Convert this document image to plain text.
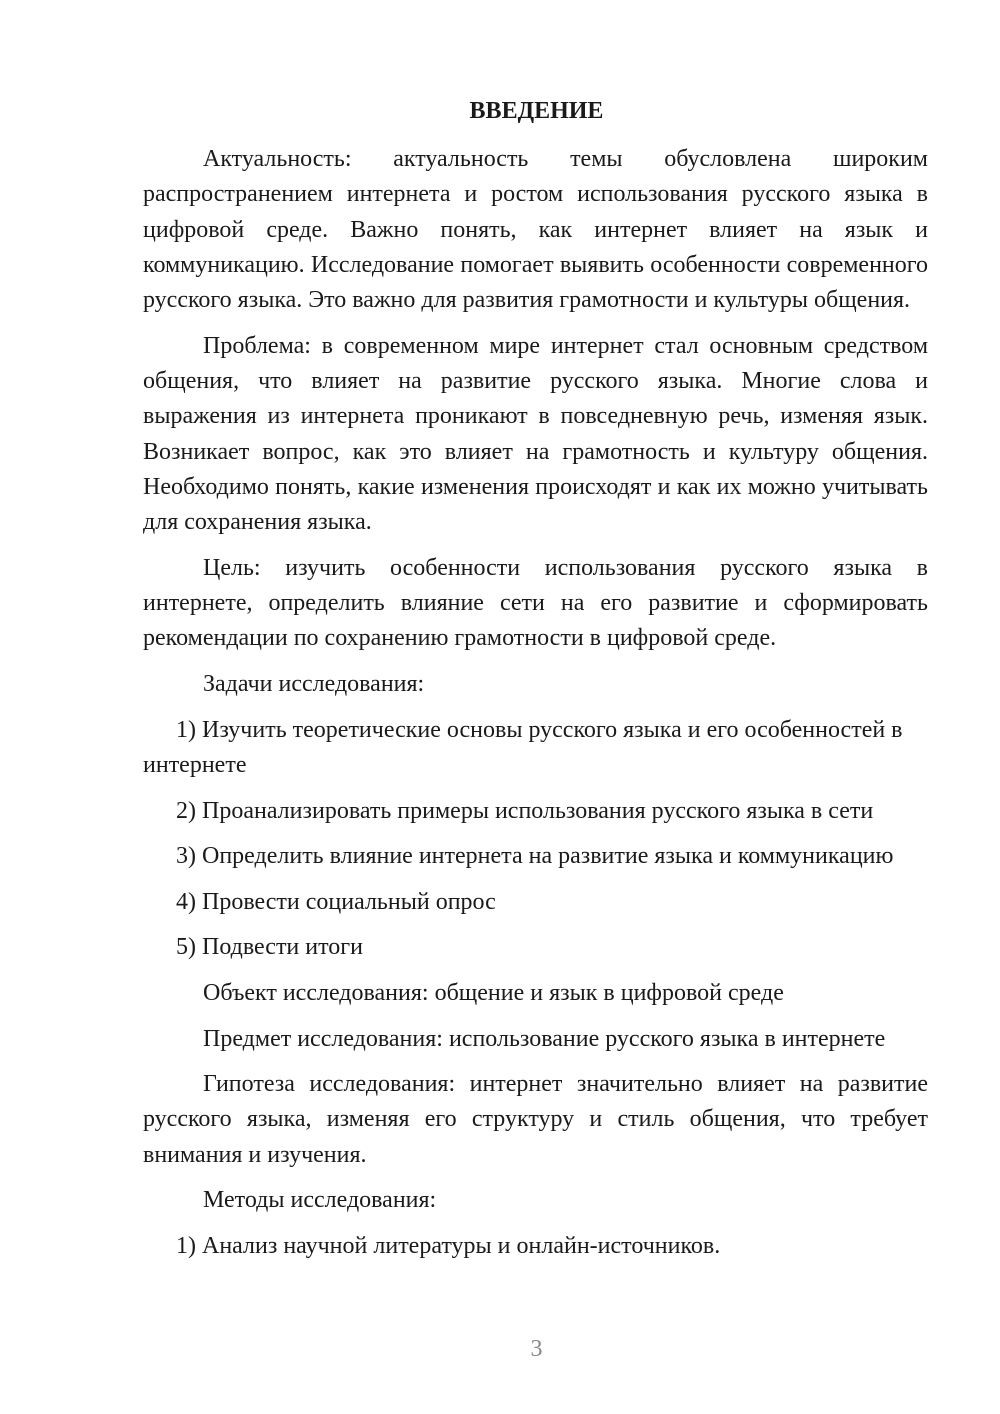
ВВЕДЕНИЕ

Актуальность: актуальность темы обусловлена широким распространением интернета и ростом использования русского языка в цифровой среде. Важно понять, как интернет влияет на язык и коммуникацию. Исследование помогает выявить особенности современного русского языка. Это важно для развития грамотности и культуры общения.

Проблема: в современном мире интернет стал основным средством общения, что влияет на развитие русского языка. Многие слова и выражения из интернета проникают в повседневную речь, изменяя язык. Возникает вопрос, как это влияет на грамотность и культуру общения. Необходимо понять, какие изменения происходят и как их можно учитывать для сохранения языка.

Цель: изучить особенности использования русского языка в интернете, определить влияние сети на его развитие и сформировать рекомендации по сохранению грамотности в цифровой среде.

Задачи исследования:

1) Изучить теоретические основы русского языка и его особенностей в интернете

2) Проанализировать примеры использования русского языка в сети

3) Определить влияние интернета на развитие языка и коммуникацию

4) Провести социальный опрос

5) Подвести итоги

Объект исследования: общение и язык в цифровой среде

Предмет исследования: использование русского языка в интернете

Гипотеза исследования: интернет значительно влияет на развитие русского языка, изменяя его структуру и стиль общения, что требует внимания и изучения.

Методы исследования:

1) Анализ научной литературы и онлайн-источников.

3
